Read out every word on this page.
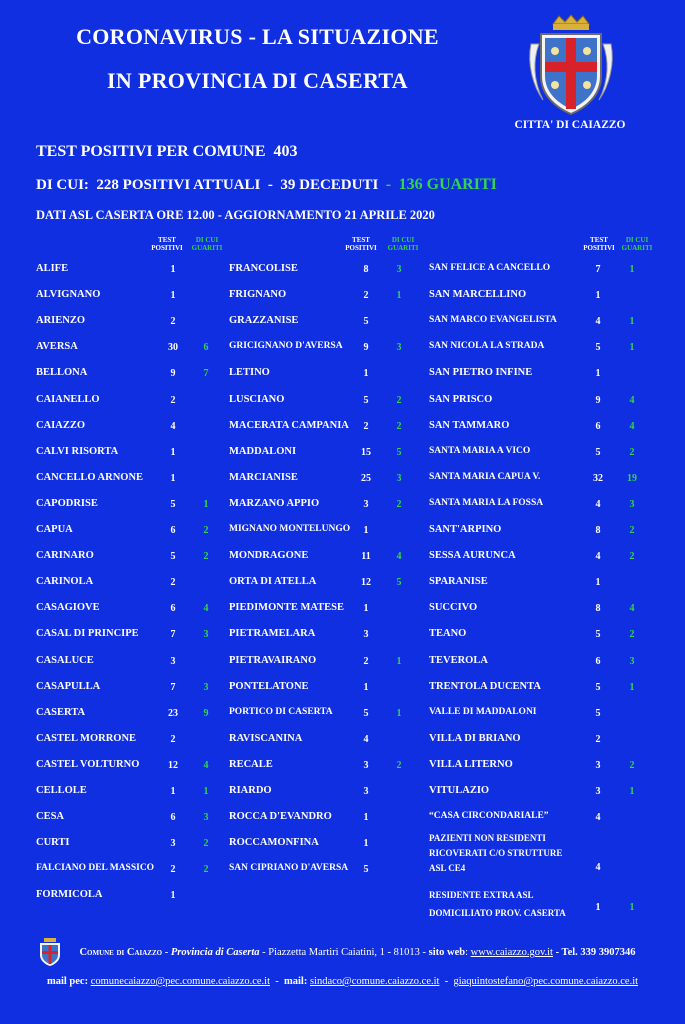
CORONAVIRUS - LA SITUAZIONE
IN PROVINCIA DI CASERTA
CITTA' DI CAIAZZO
TEST POSITIVI PER COMUNE 403
DI CUI: 228 POSITIVI ATTUALI - 39 DECEDUTI - 136 GUARITI
DATI ASL CASERTA ORE 12.00 - AGGIORNAMENTO 21 APRILE 2020
TEST
POSITIVI
DI CUI
GUARITI
TEST
POSITIVI
DI CUI
GUARITI
TEST
POSITIVI
DI CUI
GUARITI
ALIFE	1
ALVIGNANO	1
ARIENZO	2
AVERSA	30	6
BELLONA	9	7
CAIANELLO	2
CAIAZZO	4
CALVI RISORTA	1
CANCELLO ARNONE	1
CAPODRISE	5	1
CAPUA	6	2
CARINARO	5	2
CARINOLA	2
CASAGIOVE	6	4
CASAL DI PRINCIPE	7	3
CASALUCE	3
CASAPULLA	7	3
CASERTA	23	9
CASTEL MORRONE	2
CASTEL VOLTURNO	12	4
CELLOLE	1	1
CESA	6	3
CURTI	3	2
FALCIANO DEL MASSICO	2	2
FORMICOLA	1
FRANCOLISE	8	3
FRIGNANO	2	1
GRAZZANISE	5
GRICIGNANO D'AVERSA	9	3
LETINO	1
LUSCIANO	5	2
MACERATA CAMPANIA	2	2
MADDALONI	15	5
MARCIANISE	25	3
MARZANO APPIO	3	2
MIGNANO MONTELUNGO	1
MONDRAGONE	11	4
ORTA DI ATELLA	12	5
PIEDIMONTE MATESE	1
PIETRAMELARA	3
PIETRAVAIRANO	2	1
PONTELATONE	1
PORTICO DI CASERTA	5	1
RAVISCANINA	4
RECALE	3	2
RIARDO	3
ROCCA D'EVANDRO	1
ROCCAMONFINA	1
SAN CIPRIANO D'AVERSA	5
SAN FELICE A CANCELLO	7	1
SAN MARCELLINO	1
SAN MARCO EVANGELISTA	4	1
SAN NICOLA LA STRADA	5	1
SAN PIETRO INFINE	1
SAN PRISCO	9	4
SAN TAMMARO	6	4
SANTA MARIA A VICO	5	2
SANTA MARIA CAPUA V.	32	19
SANTA MARIA LA FOSSA	4	3
SANT'ARPINO	8	2
SESSA AURUNCA	4	2
SPARANISE	1
SUCCIVO	8	4
TEANO	5	2
TEVEROLA	6	3
TRENTOLA DUCENTA	5	1
VALLE DI MADDALONI	5
VILLA DI BRIANO	2
VILLA LITERNO	3	2
VITULAZIO	3	1
“CASA CIRCONDARIALE”	4
PAZIENTI NON RESIDENTI
RICOVERATI C/O STRUTTURE
ASL CE4	4
RESIDENTE EXTRA ASL
DOMICILIATO PROV. CASERTA	1	1
Comune di Caiazzo - Provincia di Caserta - Piazzetta Martiri Caiatini, 1 - 81013 - sito web: www.caiazzo.gov.it - Tel. 339 3907346
mail pec: comunecaiazzo@pec.comune.caiazzo.ce.it  -  mail: sindaco@comune.caiazzo.ce.it  -  giaquintostefano@pec.comune.caiazzo.ce.it
